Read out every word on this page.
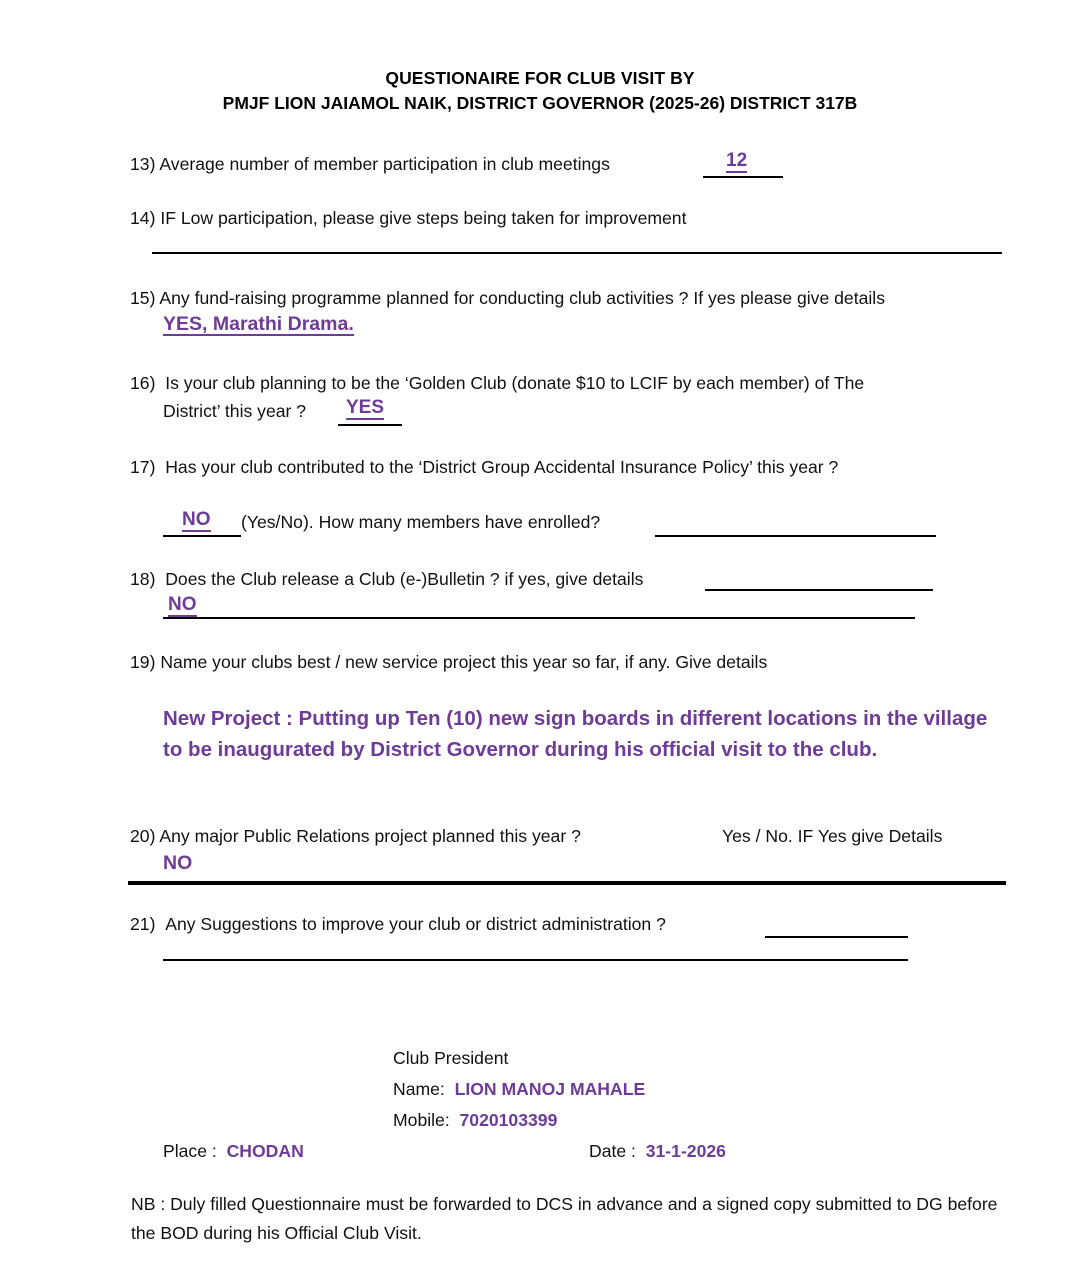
QUESTIONAIRE FOR CLUB VISIT BY
PMJF LION JAIAMOL NAIK, DISTRICT GOVERNOR (2025-26) DISTRICT 317B
13) Average number of member participation in club meetings	12
14) IF Low participation, please give steps being taken for improvement
15) Any fund-raising programme planned for conducting club activities ? If yes please give details
YES, Marathi Drama.
16) Is your club planning to be the ‘Golden Club (donate $10 to LCIF by each member) of The
District’ this year ? YES
17) Has your club contributed to the ‘District Group Accidental Insurance Policy’ this year ?
NO (Yes/No). How many members have enrolled?
18) Does the Club release a Club (e-)Bulletin ? if yes, give details
NO
19) Name your clubs best / new service project this year so far, if any. Give details
New Project : Putting up Ten (10) new sign boards in different locations in the village to be inaugurated by District Governor during his official visit to the club.
20) Any major Public Relations project planned this year ?	Yes / No. IF Yes give Details
NO
21) Any Suggestions to improve your club or district administration ?
Club President
Name: LION MANOJ MAHALE
Mobile: 7020103399
Place : CHODAN	Date : 31-1-2026
NB : Duly filled Questionnaire must be forwarded to DCS in advance and a signed copy submitted to DG before the BOD during his Official Club Visit.
